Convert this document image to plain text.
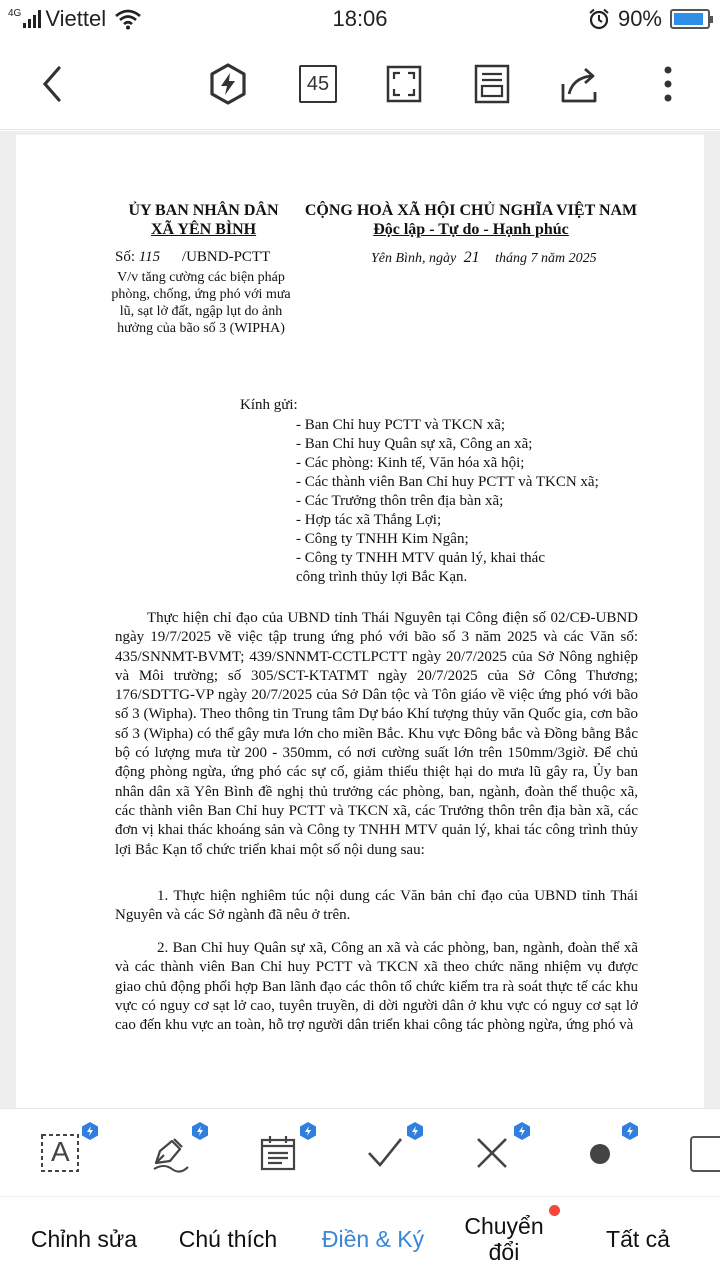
4G Viettel	18:06	90%
45
ỦY BAN NHÂN DÂN
XÃ YÊN BÌNH
CỘNG HOÀ XÃ HỘI CHỦ NGHĨA VIỆT NAM
Độc lập - Tự do - Hạnh phúc
Số: 115 /UBND-PCTT	Yên Bình, ngày 21 tháng 7 năm 2025
V/v tăng cường các biện pháp phòng, chống, ứng phó với mưa lũ, sạt lở đất, ngập lụt do ảnh hưởng của bão số 3 (WIPHA)
Kính gửi:
- Ban Chỉ huy PCTT và TKCN xã;
- Ban Chỉ huy Quân sự xã, Công an xã;
- Các phòng: Kinh tế, Văn hóa xã hội;
- Các thành viên Ban Chỉ huy PCTT và TKCN xã;
- Các Trưởng thôn trên địa bàn xã;
- Hợp tác xã Thắng Lợi;
- Công ty TNHH Kim Ngân;
- Công ty TNHH MTV quản lý, khai thác
công trình thủy lợi Bắc Kạn.
Thực hiện chỉ đạo của UBND tỉnh Thái Nguyên tại Công điện số 02/CĐ-UBND ngày 19/7/2025 về việc tập trung ứng phó với bão số 3 năm 2025 và các Văn số: 435/SNNMT-BVMT; 439/SNNMT-CCTLPCTT ngày 20/7/2025 của Sở Nông nghiệp và Môi trường; số 305/SCT-KTATMT ngày 20/7/2025 của Sở Công Thương; 176/SDTTG-VP ngày 20/7/2025 của Sở Dân tộc và Tôn giáo về việc ứng phó với bão số 3 (Wipha). Theo thông tin Trung tâm Dự báo Khí tượng thủy văn Quốc gia, cơn bão số 3 (Wipha) có thể gây mưa lớn cho miền Bắc. Khu vực Đông bắc và Đồng bằng Bắc bộ có lượng mưa từ 200 - 350mm, có nơi cường suất lớn trên 150mm/3giờ. Để chủ động phòng ngừa, ứng phó các sự cố, giảm thiểu thiệt hại do mưa lũ gây ra, Ủy ban nhân dân xã Yên Bình đề nghị thủ trưởng các phòng, ban, ngành, đoàn thể thuộc xã, các thành viên Ban Chỉ huy PCTT và TKCN xã, các Trưởng thôn trên địa bàn xã, các đơn vị khai thác khoáng sản và Công ty TNHH MTV quản lý, khai tác công trình thủy lợi Bắc Kạn tổ chức triển khai một số nội dung sau:
1. Thực hiện nghiêm túc nội dung các Văn bản chỉ đạo của UBND tỉnh Thái Nguyên và các Sở ngành đã nêu ở trên.
2. Ban Chỉ huy Quân sự xã, Công an xã và các phòng, ban, ngành, đoàn thể xã và các thành viên Ban Chỉ huy PCTT và TKCN xã theo chức năng nhiệm vụ được giao chủ động phối hợp Ban lãnh đạo các thôn tổ chức kiểm tra rà soát thực tế các khu vực có nguy cơ sạt lở cao, tuyên truyền, di dời người dân ở khu vực có nguy cơ sạt lở cao đến khu vực an toàn, hỗ trợ người dân triển khai công tác phòng ngừa, ứng phó và
A
Chỉnh sửa	Chú thích	Điền & Ký	Chuyển đổi	Tất cả
